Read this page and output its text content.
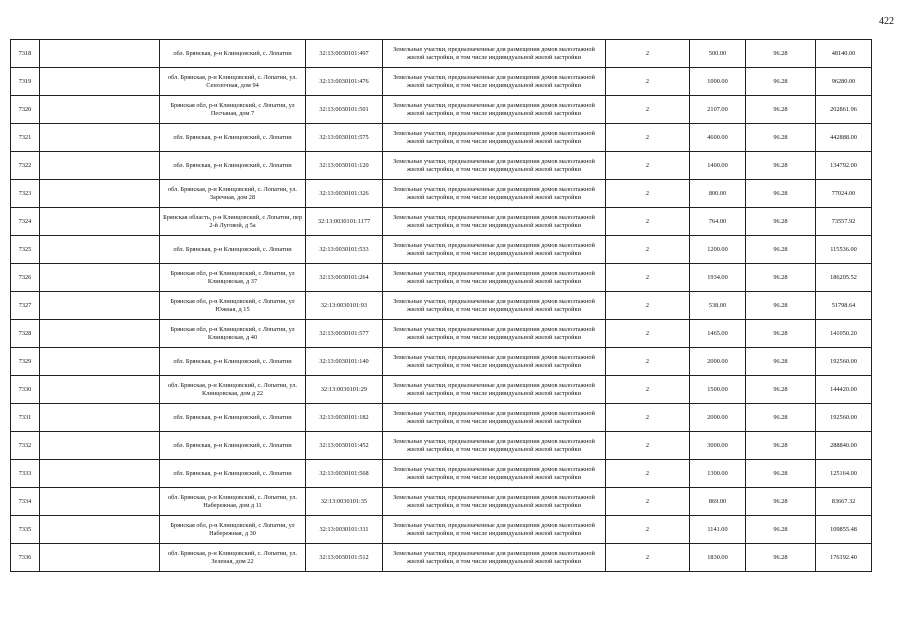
422
7318		обл. Брянская, р-н Клинцовский, с. Лопатни	32:13:0030101:497	Земельные участки, предназначенные для размещения домов малоэтажной жилой застройки, в том числе индивидуальной жилой застройки	2	500.00	96.28	48140.00
7319		обл. Брянская, р-н Клинцовский, с. Лопатни, ул. Сенозочная, дом 94	32:13:0030101:476	Земельные участки, предназначенные для размещения домов малоэтажной жилой застройки, в том числе индивидуальной жилой застройки	2	1000.00	96.28	96280.00
7320		Брянская обл, р-н Клинцовский, с Лопатни, ул Песчаная, дом 7	32:13:0030101:501	Земельные участки, предназначенные для размещения домов малоэтажной жилой застройки, в том числе индивидуальной жилой застройки	2	2107.00	96.28	202861.96
7321		обл. Брянская, р-н Клинцовский, с. Лопатни	32:13:0030101:575	Земельные участки, предназначенные для размещения домов малоэтажной жилой застройки, в том числе индивидуальной жилой застройки	2	4600.00	96.28	442888.00
7322		обл. Брянская, р-н Клинцовский, с. Лопатни	32:13:0030101:120	Земельные участки, предназначенные для размещения домов малоэтажной жилой застройки, в том числе индивидуальной жилой застройки	2	1400.00	96.28	134792.00
7323		обл. Брянская, р-н Клинцовский, с. Лопатни, ул. Заречная, дом 28	32:13:0030101:326	Земельные участки, предназначенные для размещения домов малоэтажной жилой застройки, в том числе индивидуальной жилой застройки	2	800.00	96.28	77024.00
7324		Брянская область, р-н Клинцовский, с Лопатни, пер 2-й Луговой, д 5а	32:13:0030101:1177	Земельные участки, предназначенные для размещения домов малоэтажной жилой застройки, в том числе индивидуальной жилой застройки	2	764.00	96.28	73557.92
7325		обл. Брянская, р-н Клинцовский, с. Лопатни	32:13:0030101:533	Земельные участки, предназначенные для размещения домов малоэтажной жилой застройки, в том числе индивидуальной жилой застройки	2	1200.00	96.28	115536.00
7326		Брянская обл, р-н Клинцовский, с Лопатни, ул Клинцовская, д 37	32:13:0030101:264	Земельные участки, предназначенные для размещения домов малоэтажной жилой застройки, в том числе индивидуальной жилой застройки	2	1934.00	96.28	186205.52
7327		Брянская обл, р-н Клинцовский, с Лопатни, ул Южная, д 15	32:13:0030101:93	Земельные участки, предназначенные для размещения домов малоэтажной жилой застройки, в том числе индивидуальной жилой застройки	2	538.00	96.28	51798.64
7328		Брянская обл, р-н Клинцовский, с Лопатни, ул Клинцовская, д 40	32:13:0030101:577	Земельные участки, предназначенные для размещения домов малоэтажной жилой застройки, в том числе индивидуальной жилой застройки	2	1465.00	96.28	141050.20
7329		обл. Брянская, р-н Клинцовский, с. Лопатни	32:13:0030101:140	Земельные участки, предназначенные для размещения домов малоэтажной жилой застройки, в том числе индивидуальной жилой застройки	2	2000.00	96.28	192560.00
7330		обл. Брянская, р-н Клинцовский, с. Лопатни, ул. Клинцовская, дом д 22	32:13:0030101:29	Земельные участки, предназначенные для размещения домов малоэтажной жилой застройки, в том числе индивидуальной жилой застройки	2	1500.00	96.28	144420.00
7331		обл. Брянская, р-н Клинцовский, с. Лопатни	32:13:0030101:182	Земельные участки, предназначенные для размещения домов малоэтажной жилой застройки, в том числе индивидуальной жилой застройки	2	2000.00	96.28	192560.00
7332		обл. Брянская, р-н Клинцовский, с. Лопатни	32:13:0030101:452	Земельные участки, предназначенные для размещения домов малоэтажной жилой застройки, в том числе индивидуальной жилой застройки	2	3000.00	96.28	288840.00
7333		обл. Брянская, р-н Клинцовский, с. Лопатни	32:13:0030101:568	Земельные участки, предназначенные для размещения домов малоэтажной жилой застройки, в том числе индивидуальной жилой застройки	2	1300.00	96.28	125164.00
7334		обл. Брянская, р-н Клинцовский, с. Лопатни, ул. Набережная, дом д 11	32:13:0030101:35	Земельные участки, предназначенные для размещения домов малоэтажной жилой застройки, в том числе индивидуальной жилой застройки	2	869.00	96.28	83667.32
7335		Брянская обл, р-н Клинцовский, с Лопатни, ул Набережная, д 30	32:13:0030101:311	Земельные участки, предназначенные для размещения домов малоэтажной жилой застройки, в том числе индивидуальной жилой застройки	2	1141.00	96.28	109855.48
7336		обл. Брянская, р-н Клинцовский, с. Лопатни, ул. Зеленая, дом 22	32:13:0030101:512	Земельные участки, предназначенные для размещения домов малоэтажной жилой застройки, в том числе индивидуальной жилой застройки	2	1830.00	96.28	176192.40
